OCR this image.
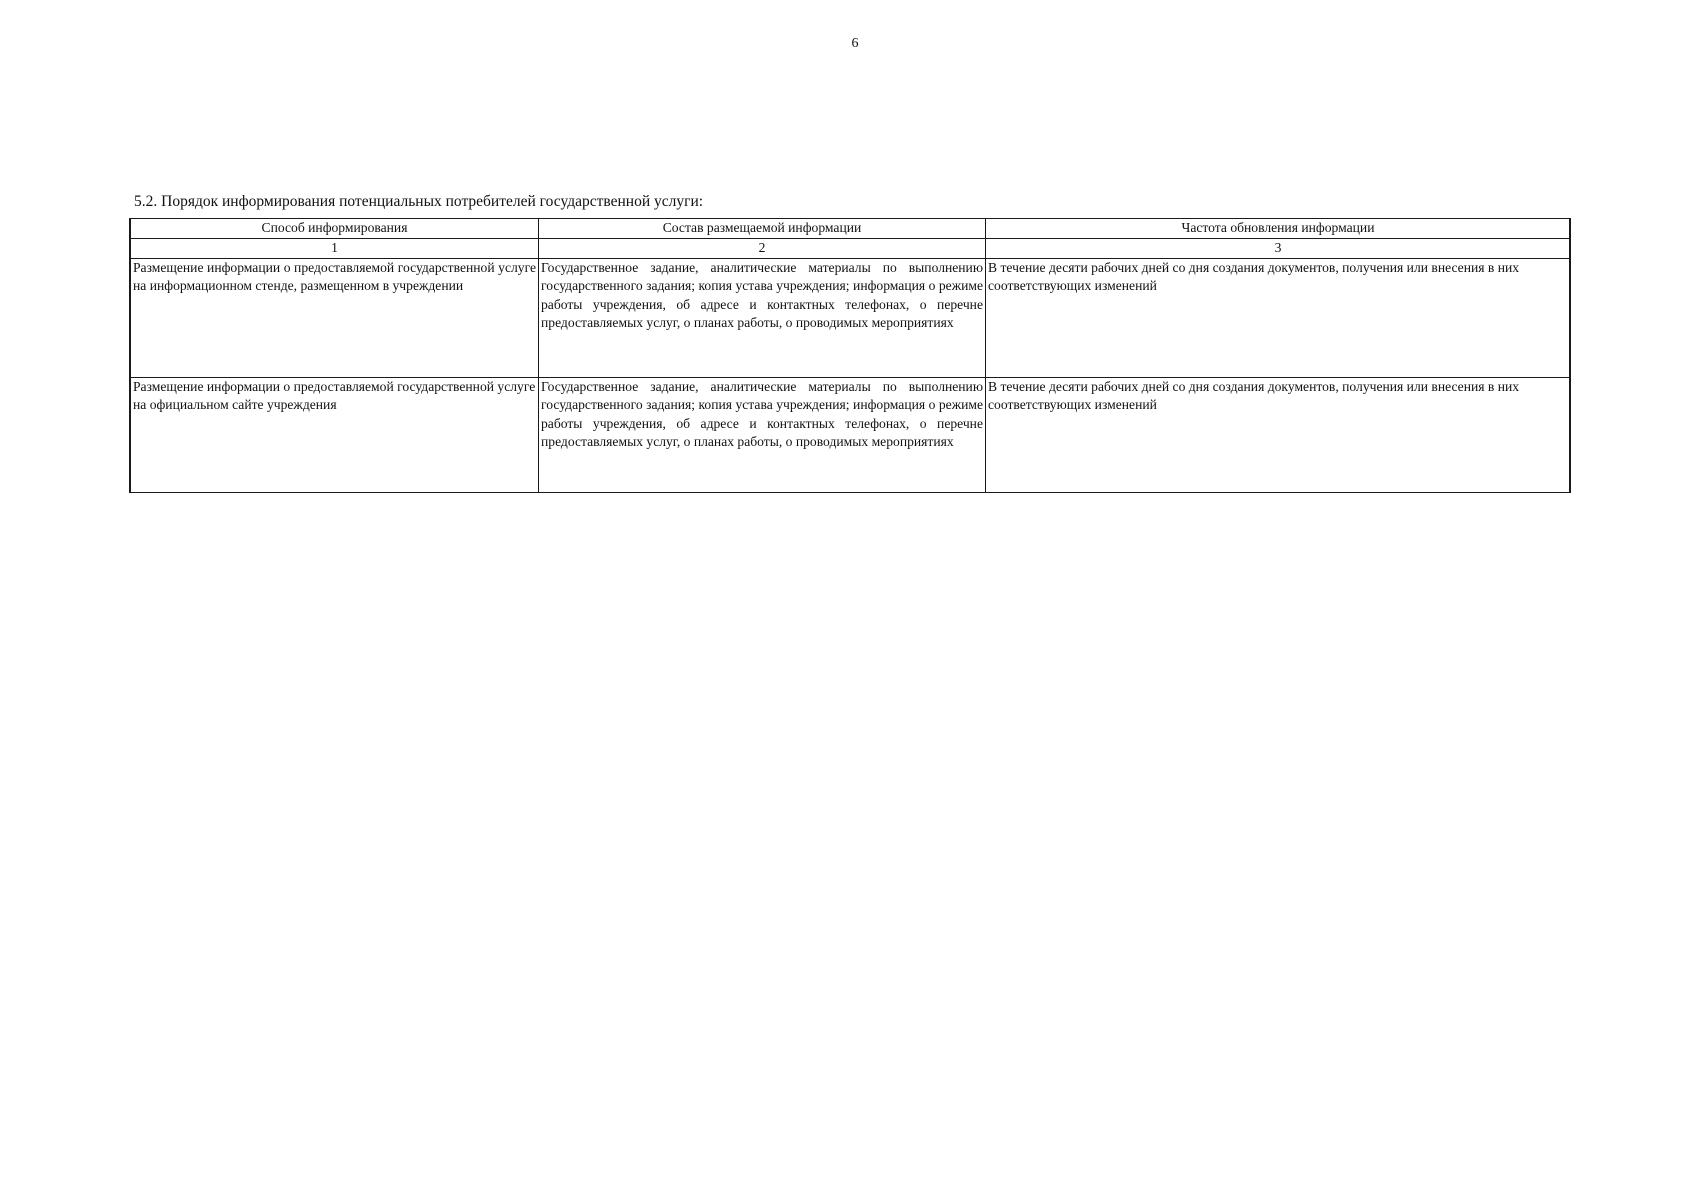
6
5.2. Порядок информирования потенциальных потребителей государственной услуги:
Способ информирования	Состав размещаемой информации	Частота обновления информации
1	2	3
Размещение информации о предоставляемой государственной услуге на информационном стенде, размещенном в учреждении	Государственное задание, аналитические материалы по выполнению государственного задания; копия устава учреждения; информация о режиме работы учреждения, об адресе и контактных телефонах, о перечне предоставляемых услуг, о планах работы, о проводимых мероприятиях	В течение десяти рабочих дней со дня создания документов, получения или внесения в них соответствующих изменений
Размещение информации о предоставляемой государственной услуге на официальном сайте учреждения	Государственное задание, аналитические материалы по выполнению государственного задания; копия устава учреждения; информация о режиме работы учреждения, об адресе и контактных телефонах, о перечне предоставляемых услуг, о планах работы, о проводимых мероприятиях	В течение десяти рабочих дней со дня создания документов, получения или внесения в них соответствующих изменений
